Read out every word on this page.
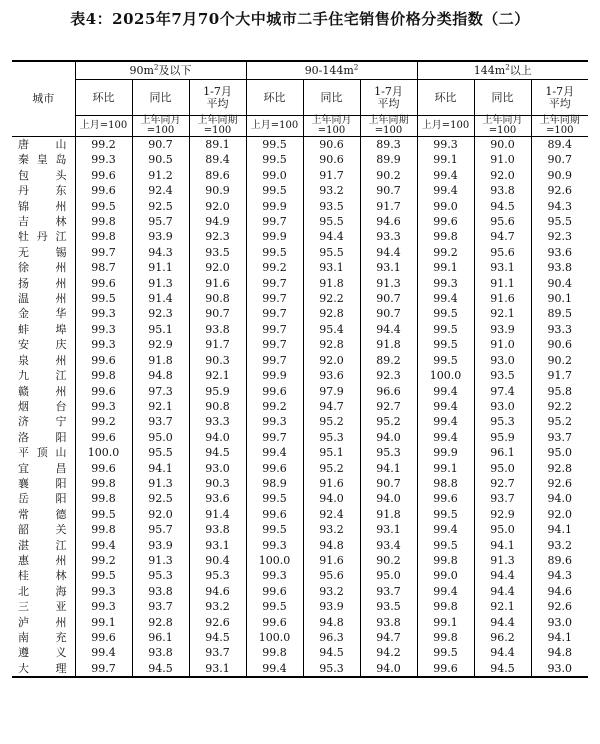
表4：2025年7月70个大中城市二手住宅销售价格分类指数（二）
城市	$90m^2$及以下			$90-144m^2$			$144m^2$以上		
	环比	同比	1-7月平均	环比	同比	1-7月平均	环比	同比	1-7月平均
	上月=100	上年同月=100	上年同期=100	上月=100	上年同月=100	上年同期=100	上月=100	上年同月=100	上年同期=100
唐山	99.2	90.7	89.1	99.5	90.6	89.3	99.3	90.0	89.4
秦皇岛	99.3	90.5	89.4	99.5	90.6	89.9	99.1	91.0	90.7
包头	99.6	91.2	89.6	99.0	91.7	90.2	99.4	92.0	90.9
丹东	99.6	92.4	90.9	99.5	93.2	90.7	99.4	93.8	92.6
锦州	99.5	92.5	92.0	99.9	93.5	91.7	99.0	94.5	94.3
吉林	99.8	95.7	94.9	99.7	95.5	94.6	99.6	95.6	95.5
牡丹江	99.8	93.9	92.3	99.9	94.4	93.3	99.8	94.7	92.3
无锡	99.7	94.3	93.5	99.5	95.5	94.4	99.2	95.6	93.6
徐州	98.7	91.1	92.0	99.2	93.1	93.1	99.1	93.1	93.8
扬州	99.6	91.3	91.6	99.7	91.8	91.3	99.3	91.1	90.4
温州	99.5	91.4	90.8	99.7	92.2	90.7	99.4	91.6	90.1
金华	99.3	92.3	90.7	99.7	92.8	90.7	99.5	92.1	89.5
蚌埠	99.3	95.1	93.8	99.7	95.4	94.4	99.5	93.9	93.3
安庆	99.3	92.9	91.7	99.7	92.8	91.8	99.5	91.0	90.6
泉州	99.6	91.8	90.3	99.7	92.0	89.2	99.5	93.0	90.2
九江	99.8	94.8	92.1	99.9	93.6	92.3	100.0	93.5	91.7
赣州	99.6	97.3	95.9	99.6	97.9	96.6	99.4	97.4	95.8
烟台	99.3	92.1	90.8	99.2	94.7	92.7	99.4	93.0	92.2
济宁	99.2	93.7	93.3	99.3	95.2	95.2	99.4	95.3	95.2
洛阳	99.6	95.0	94.0	99.7	95.3	94.0	99.4	95.9	93.7
平顶山	100.0	95.5	94.5	99.4	95.1	95.3	99.9	96.1	95.0
宜昌	99.6	94.1	93.0	99.6	95.2	94.1	99.1	95.0	92.8
襄阳	99.8	91.3	90.3	98.9	91.6	90.7	98.8	92.7	92.6
岳阳	99.8	92.5	93.6	99.5	94.0	94.0	99.6	93.7	94.0
常德	99.5	92.0	91.4	99.6	92.4	91.8	99.5	92.9	92.0
韶关	99.8	95.7	93.8	99.5	93.2	93.1	99.4	95.0	94.1
湛江	99.4	93.9	93.1	99.3	94.8	93.4	99.5	94.1	93.2
惠州	99.2	91.3	90.4	100.0	91.6	90.2	99.8	91.3	89.6
桂林	99.5	95.3	95.3	99.3	95.6	95.0	99.0	94.4	94.3
北海	99.3	93.8	94.6	99.6	93.2	93.7	99.4	94.4	94.6
三亚	99.3	93.7	93.2	99.5	93.9	93.5	99.8	92.1	92.6
泸州	99.1	92.8	92.6	99.6	94.8	93.8	99.1	94.4	93.0
南充	99.6	96.1	94.5	100.0	96.3	94.7	99.8	96.2	94.1
遵义	99.4	93.8	93.7	99.8	94.5	94.2	99.5	94.4	94.8
大理	99.7	94.5	93.1	99.4	95.3	94.0	99.6	94.5	93.0
